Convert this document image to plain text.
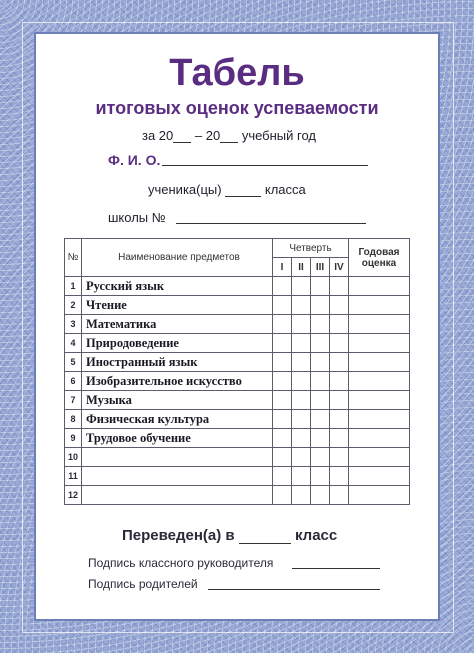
Табель
итоговых оценок успеваемости
за 20 – 20 учебный год
Ф. И. О.
ученика(цы)	класса
школы №
№	Наименование предметов	Четверть				Годовая оценка
		I	II	III	IV	
1	Русский язык					
2	Чтение					
3	Математика					
4	Природоведение					
5	Иностранный язык					
6	Изобразительное искусство					
7	Музыка					
8	Физическая культура					
9	Трудовое обучение					
10						
11						
12						
Переведен(а) в	класс
Подпись классного руководителя
Подпись родителей
